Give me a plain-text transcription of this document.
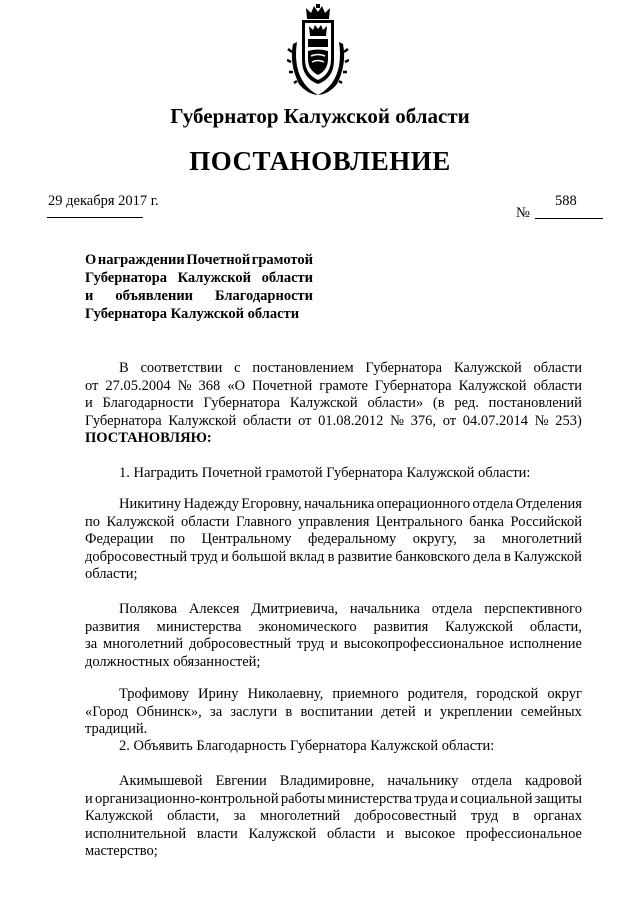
Губернатор Калужской области
ПОСТАНОВЛЕНИЕ
29 декабря 2017 г.	588
№
О награждении Почетной грамотой
Губернатора Калужской области
и объявлении Благодарности
Губернатора Калужской области
В соответствии с постановлением Губернатора Калужской области
от 27.05.2004 № 368 «О Почетной грамоте Губернатора Калужской области
и Благодарности Губернатора Калужской области» (в ред. постановлений
Губернатора Калужской области от 01.08.2012 № 376, от 04.07.2014 № 253)
ПОСТАНОВЛЯЮ:
1. Наградить Почетной грамотой Губернатора Калужской области:
Никитину Надежду Егоровну, начальника операционного отдела Отделения
по Калужской области Главного управления Центрального банка Российской
Федерации по Центральному федеральному округу, за многолетний
добросовестный труд и большой вклад в развитие банковского дела в Калужской
области;
Полякова Алексея Дмитриевича, начальника отдела перспективного
развития министерства экономического развития Калужской области,
за многолетний добросовестный труд и высокопрофессиональное исполнение
должностных обязанностей;
Трофимову Ирину Николаевну, приемного родителя, городской округ
«Город Обнинск», за заслуги в воспитании детей и укреплении семейных
традиций.
2. Объявить Благодарность Губернатора Калужской области:
Акимышевой Евгении Владимировне, начальнику отдела кадровой
и организационно-контрольной работы министерства труда и социальной защиты
Калужской области, за многолетний добросовестный труд в органах
исполнительной власти Калужской области и высокое профессиональное
мастерство;
